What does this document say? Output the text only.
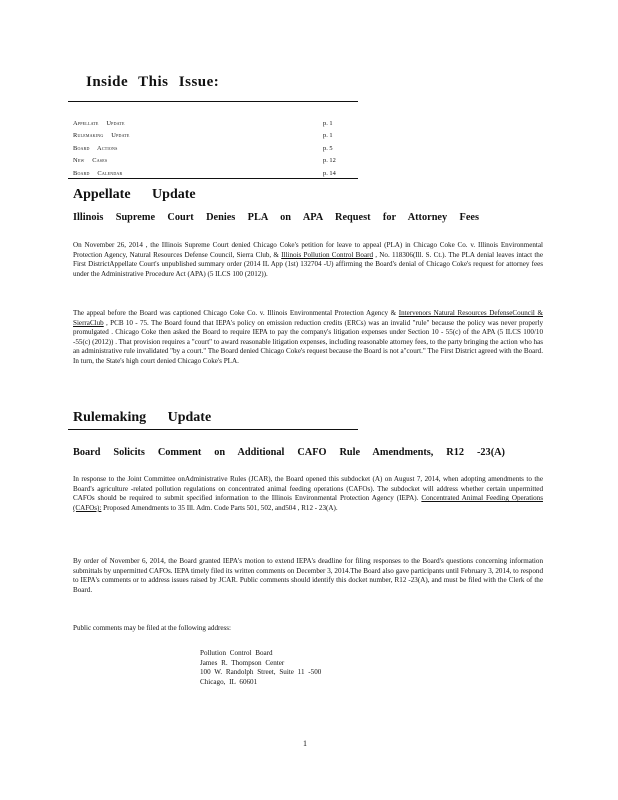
Inside This Issue:
Appellate Update	p. 1
Rulemaking Update	p. 1
Board Actions	p. 5
New Cases	p. 12
Board Calendar	p. 14
Appellate Update
Illinois Supreme Court Denies PLA on APA Request for Attorney Fees
On November 26, 2014 , the Illinois Supreme Court denied Chicago Coke's petition for leave to appeal (PLA) in Chicago Coke Co. v. Illinois Environmental Protection Agency, Natural Resources Defense Council, Sierra Club, & Illinois Pollution Control Board , No. 118306(Ill. S. Ct.). The PLA denial leaves intact the First DistrictAppellate Court's unpublished summary order (2014 IL App (1st) 132704 -U) affirming the Board's denial of Chicago Coke's request for attorney fees under the Administrative Procedure Act (APA) (5 ILCS 100 (2012)).
The appeal before the Board was captioned Chicago Coke Co. v. Illinois Environmental Protection Agency & Intervenors Natural Resources DefenseCouncil & SierraClub , PCB 10 - 75. The Board found that IEPA's policy on emission reduction credits (ERCs) was an invalid "rule" because the policy was never properly promulgated . Chicago Coke then asked the Board to require IEPA to pay the company's litigation expenses under Section 10 - 55(c) of the APA (5 ILCS 100/10 -55(c) (2012)) . That provision requires a "court" to award reasonable litigation expenses, including reasonable attorney fees, to the party bringing the action who has an administrative rule invalidated "by a court." The Board denied Chicago Coke's request because the Board is not a"court." The First District agreed with the Board. In turn, the State's high court denied Chicago Coke's PLA.
Rulemaking Update
Board Solicits Comment on Additional CAFO Rule Amendments, R12 -23(A)
In response to the Joint Committee onAdministrative Rules (JCAR), the Board opened this subdocket (A) on August 7, 2014, when adopting amendments to the Board's agriculture -related pollution regulations on concentrated animal feeding operations (CAFOs). The subdocket will address whether certain unpermitted CAFOs should be required to submit specified information to the Illinois Environmental Protection Agency (IEPA). Concentrated Animal Feeding Operations (CAFOs): Proposed Amendments to 35 Ill. Adm. Code Parts 501, 502, and504 , R12 - 23(A).
By order of November 6, 2014, the Board granted IEPA's motion to extend IEPA's deadline for filing responses to the Board's questions concerning information submittals by unpermitted CAFOs. IEPA timely filed its written comments on December 3, 2014.The Board also gave participants until February 3, 2014, to respond to IEPA's comments or to address issues raised by JCAR. Public comments should identify this docket number, R12 -23(A), and must be filed with the Clerk of the Board.
Public comments may be filed at the following address:
Pollution Control Board
James R. Thompson Center
100 W. Randolph Street, Suite 11 -500
Chicago, IL 60601
1
